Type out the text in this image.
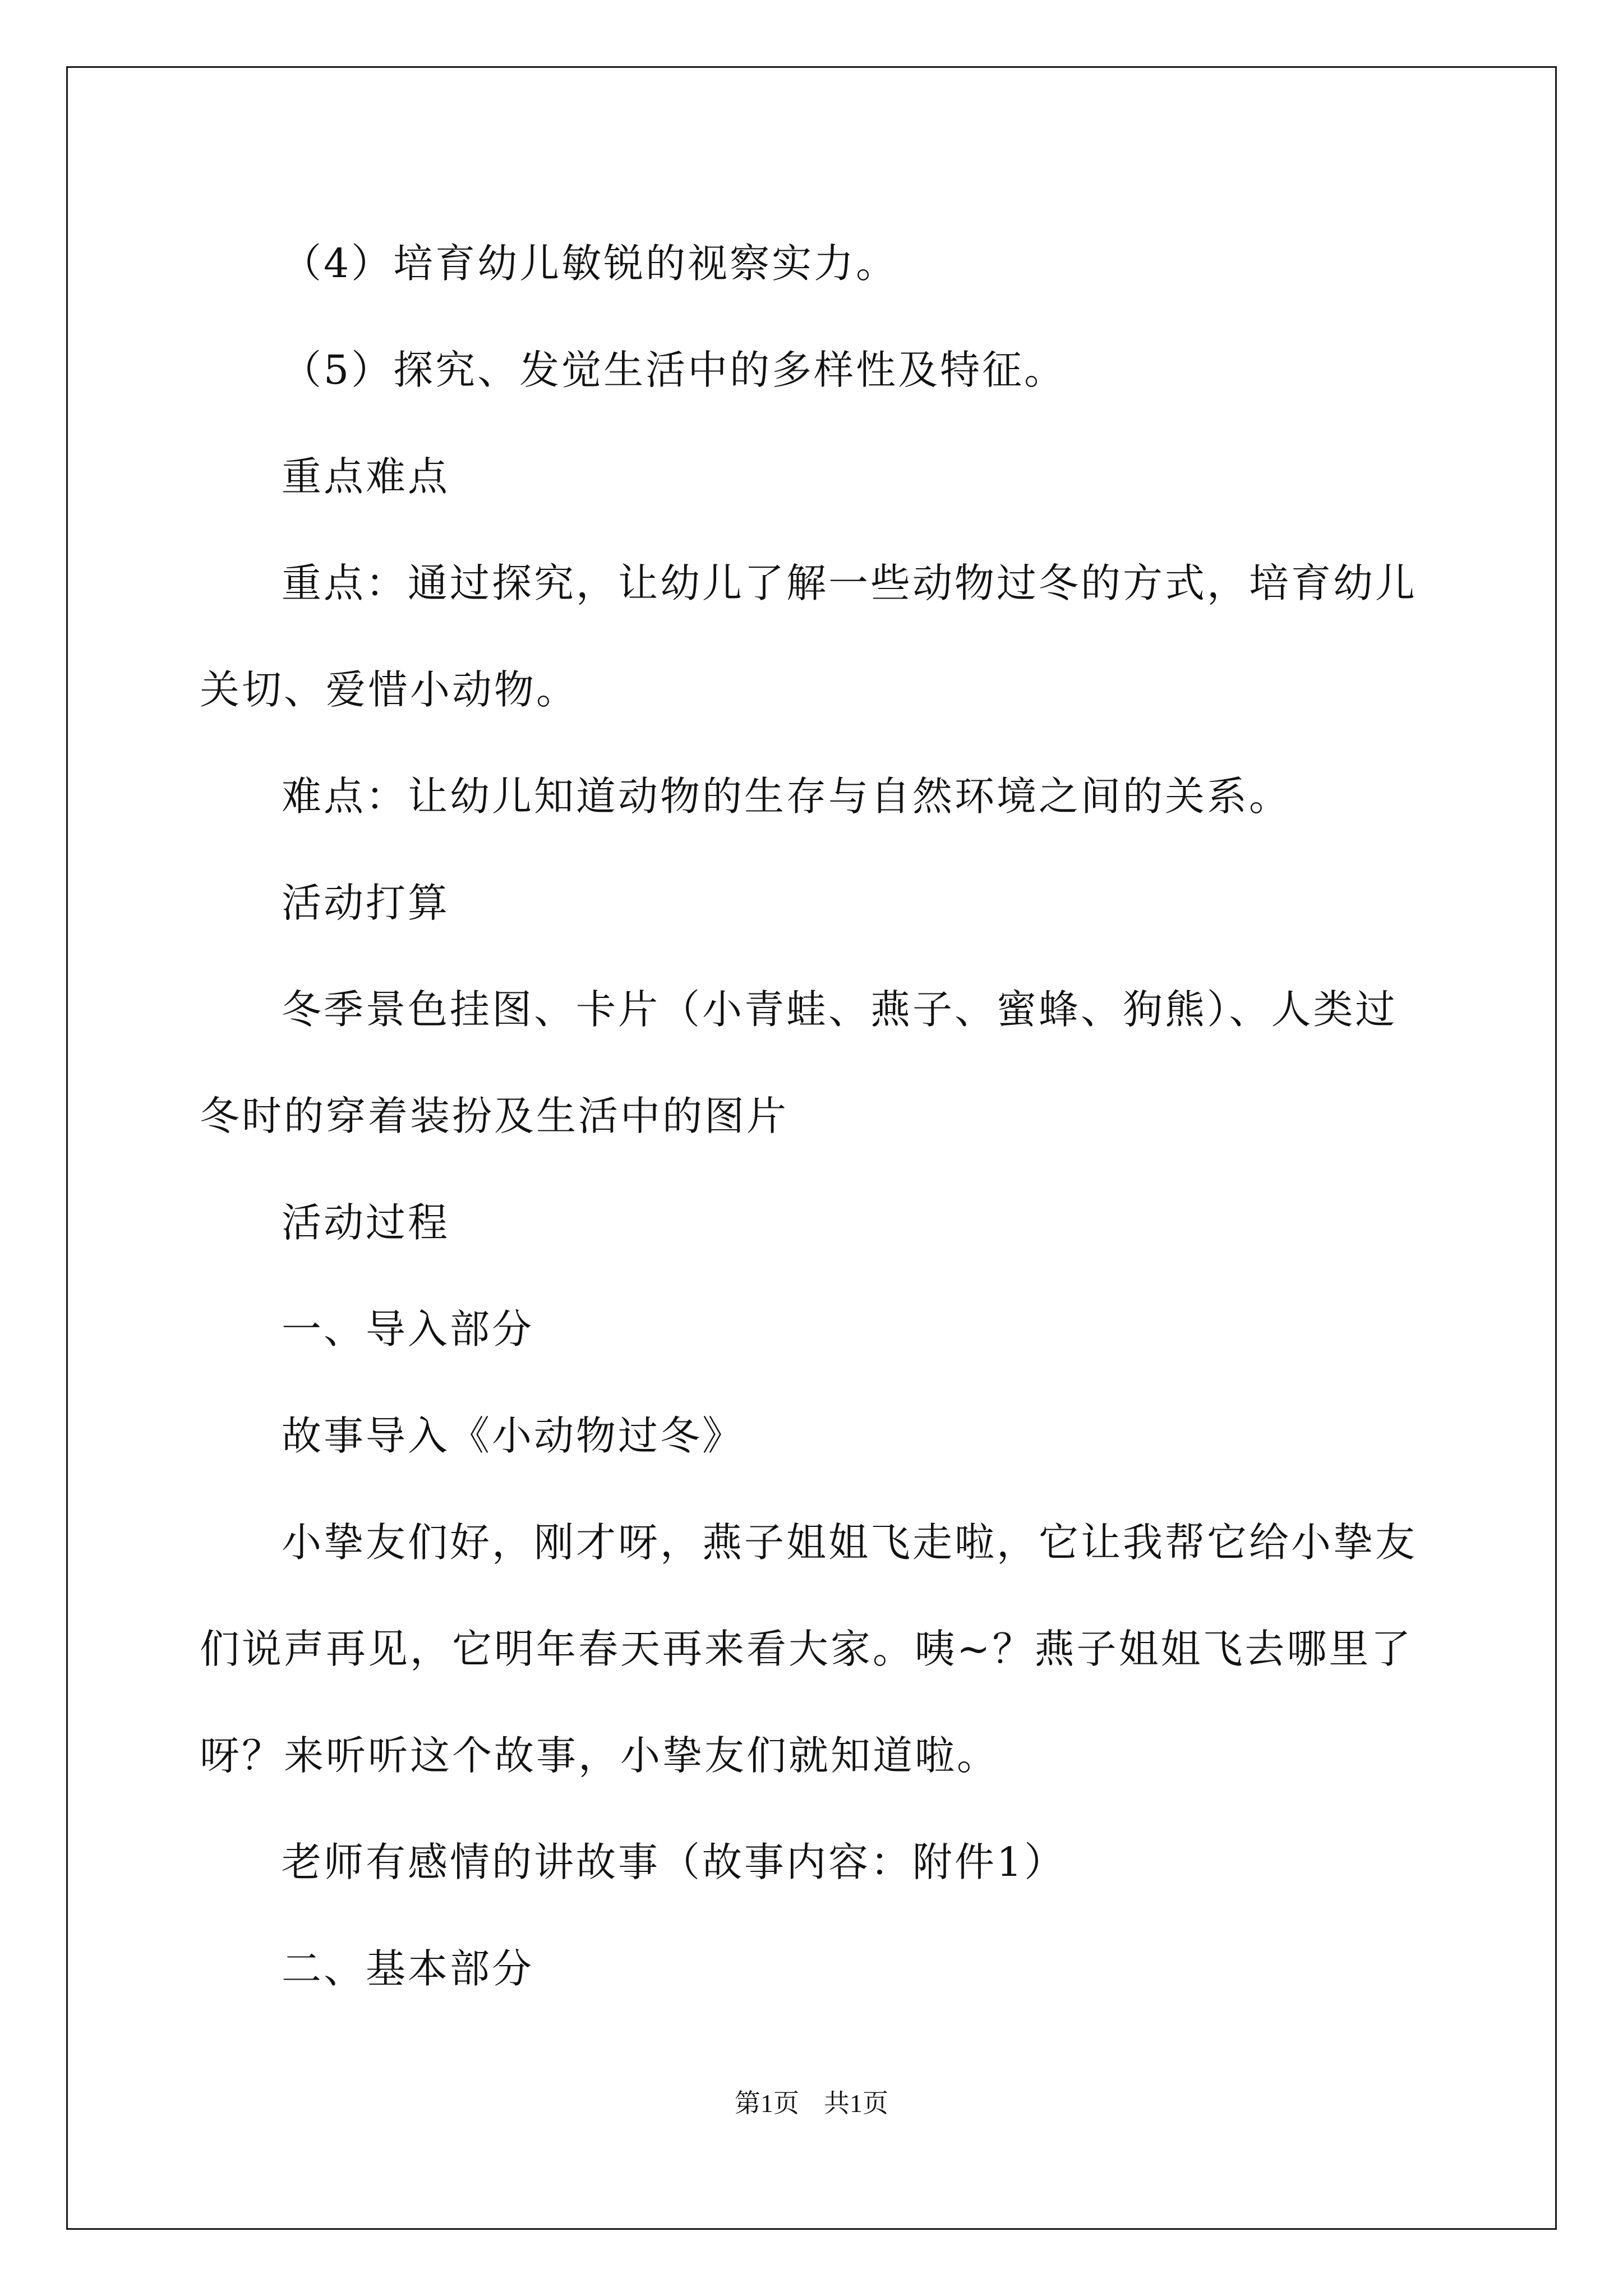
（4）培育幼儿敏锐的视察实力。

（5）探究、发觉生活中的多样性及特征。

重点难点

重点：通过探究，让幼儿了解一些动物过冬的方式，培育幼儿关切、爱惜小动物。

难点：让幼儿知道动物的生存与自然环境之间的关系。

活动打算

冬季景色挂图、卡片（小青蛙、燕子、蜜蜂、狗熊）、人类过冬时的穿着装扮及生活中的图片

活动过程

一、导入部分

故事导入《小动物过冬》

小挚友们好，刚才呀，燕子姐姐飞走啦，它让我帮它给小挚友们说声再见，它明年春天再来看大家。咦~？燕子姐姐飞去哪里了呀？来听听这个故事，小挚友们就知道啦。

老师有感情的讲故事（故事内容：附件1）

二、基本部分

第1页 共1页
